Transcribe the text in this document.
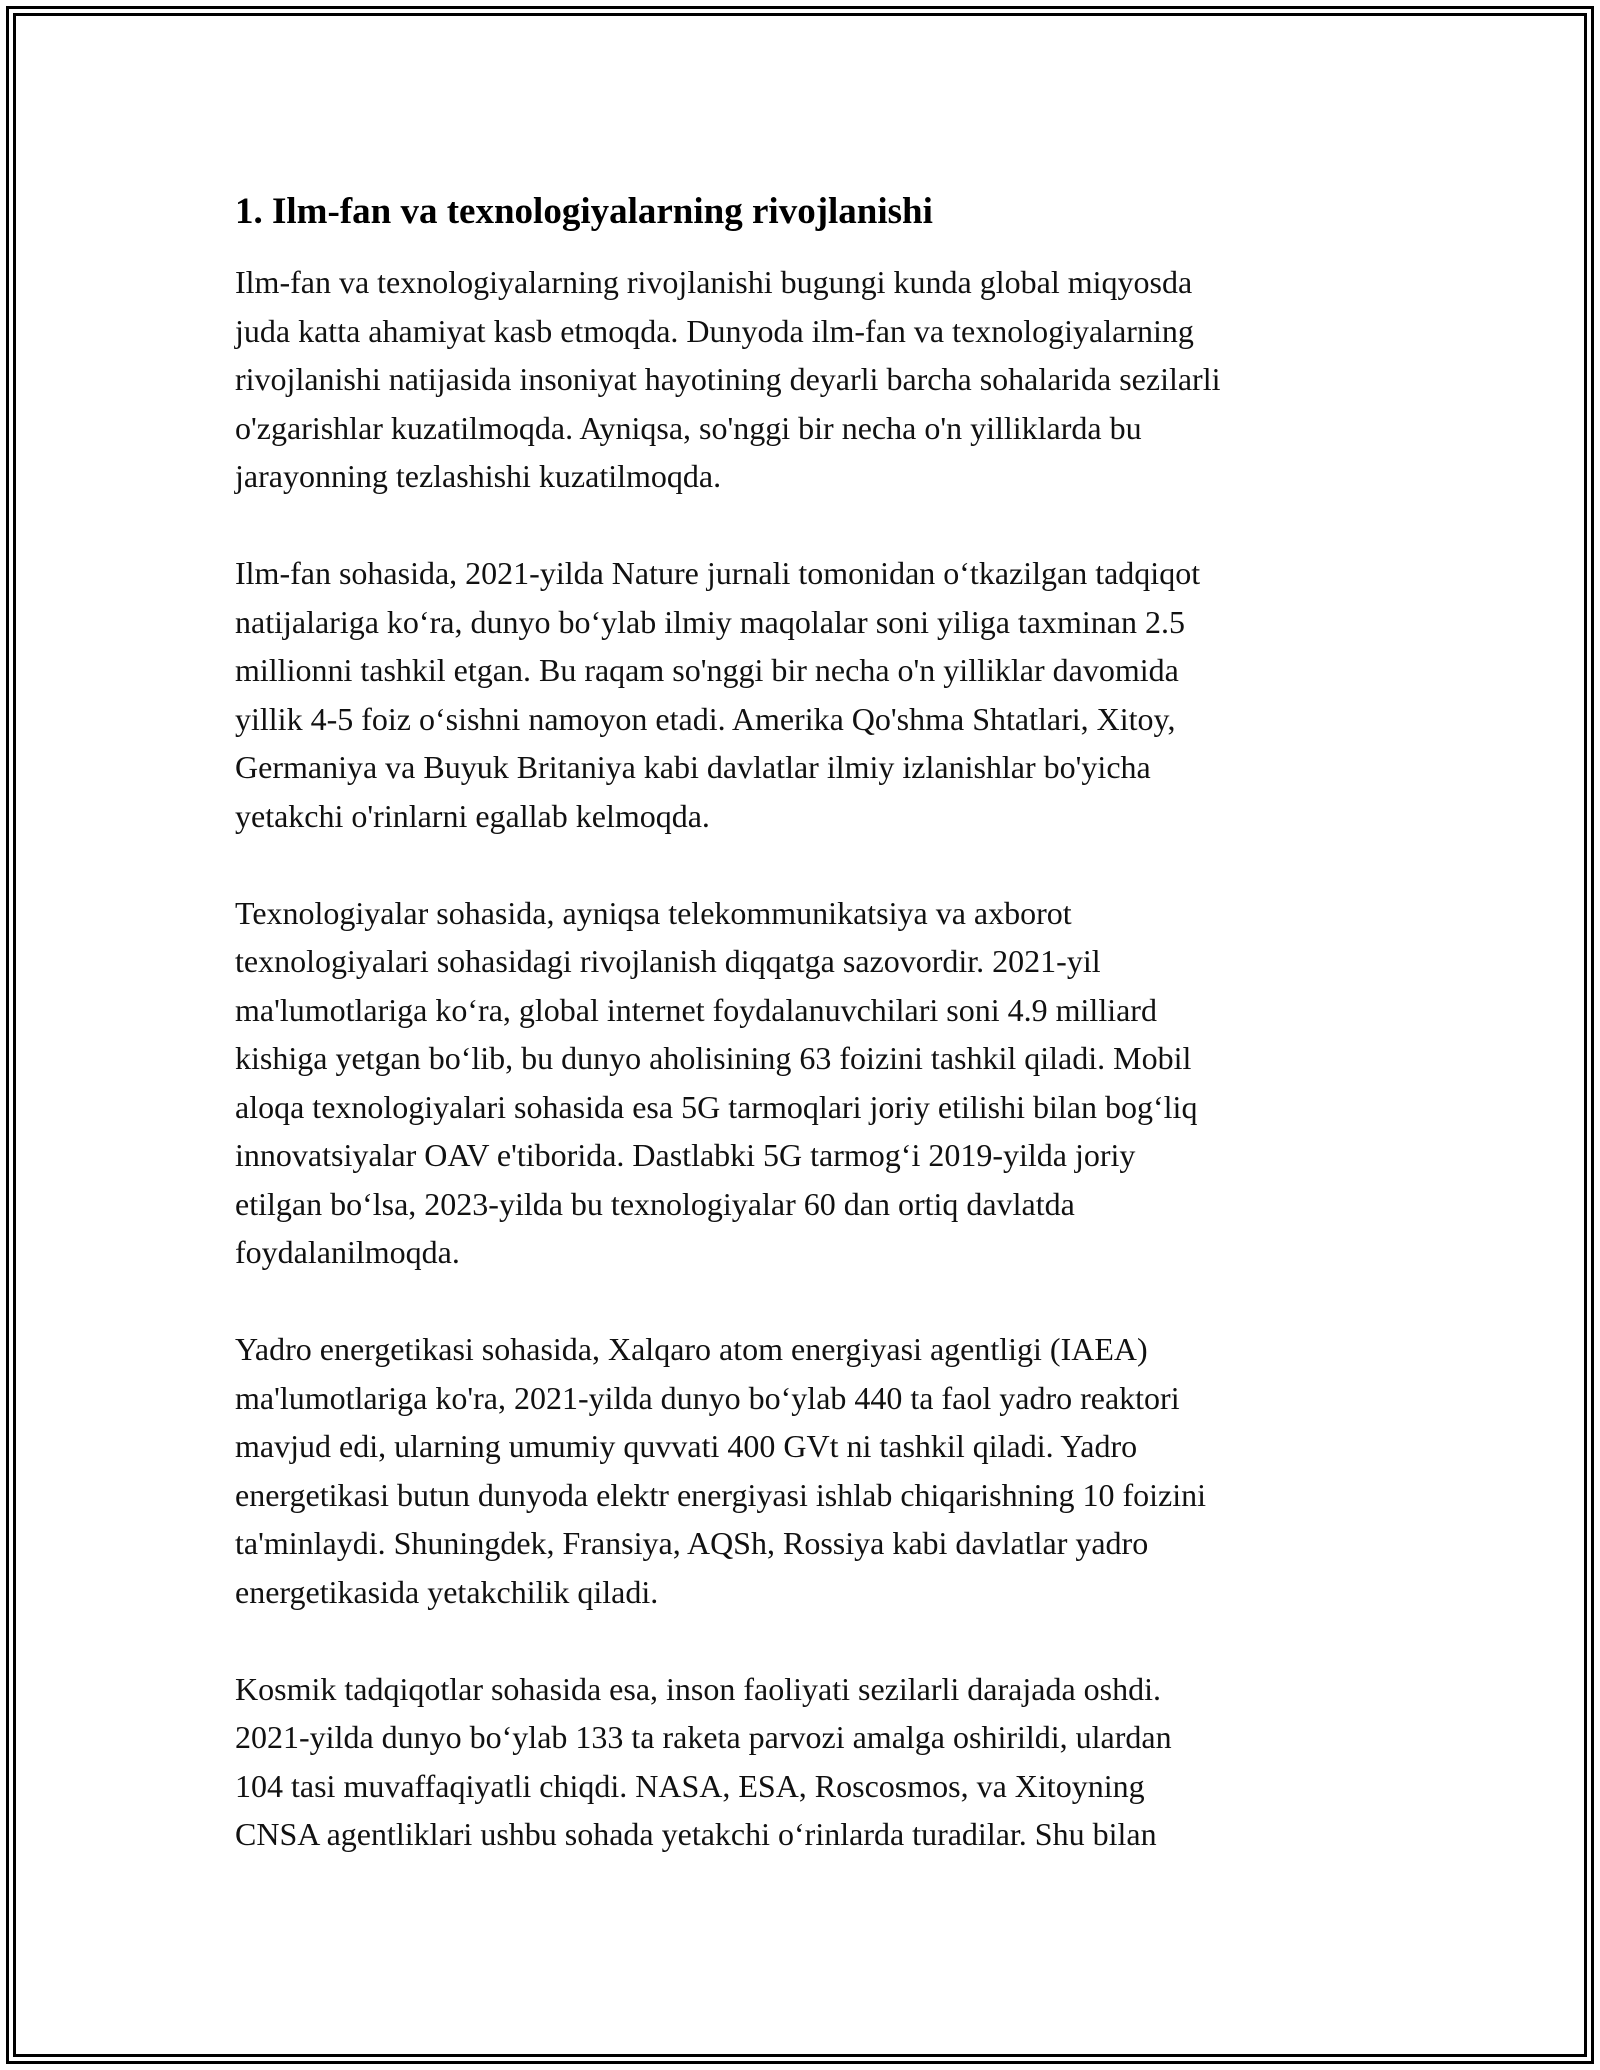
1. Ilm-fan va texnologiyalarning rivojlanishi
Ilm-fan va texnologiyalarning rivojlanishi bugungi kunda global miqyosda
juda katta ahamiyat kasb etmoqda. Dunyoda ilm-fan va texnologiyalarning
rivojlanishi natijasida insoniyat hayotining deyarli barcha sohalarida sezilarli
o'zgarishlar kuzatilmoqda. Ayniqsa, so'nggi bir necha o'n yilliklarda bu
jarayonning tezlashishi kuzatilmoqda.
Ilm-fan sohasida, 2021-yilda Nature jurnali tomonidan o‘tkazilgan tadqiqot
natijalariga ko‘ra, dunyo bo‘ylab ilmiy maqolalar soni yiliga taxminan 2.5
millionni tashkil etgan. Bu raqam so'nggi bir necha o'n yilliklar davomida
yillik 4-5 foiz o‘sishni namoyon etadi. Amerika Qo'shma Shtatlari, Xitoy,
Germaniya va Buyuk Britaniya kabi davlatlar ilmiy izlanishlar bo'yicha
yetakchi o'rinlarni egallab kelmoqda.
Texnologiyalar sohasida, ayniqsa telekommunikatsiya va axborot
texnologiyalari sohasidagi rivojlanish diqqatga sazovordir. 2021-yil
ma'lumotlariga ko‘ra, global internet foydalanuvchilari soni 4.9 milliard
kishiga yetgan bo‘lib, bu dunyo aholisining 63 foizini tashkil qiladi. Mobil
aloqa texnologiyalari sohasida esa 5G tarmoqlari joriy etilishi bilan bog‘liq
innovatsiyalar OAV e'tiborida. Dastlabki 5G tarmog‘i 2019-yilda joriy
etilgan bo‘lsa, 2023-yilda bu texnologiyalar 60 dan ortiq davlatda
foydalanilmoqda.
Yadro energetikasi sohasida, Xalqaro atom energiyasi agentligi (IAEA)
ma'lumotlariga ko'ra, 2021-yilda dunyo bo‘ylab 440 ta faol yadro reaktori
mavjud edi, ularning umumiy quvvati 400 GVt ni tashkil qiladi. Yadro
energetikasi butun dunyoda elektr energiyasi ishlab chiqarishning 10 foizini
ta'minlaydi. Shuningdek, Fransiya, AQSh, Rossiya kabi davlatlar yadro
energetikasida yetakchilik qiladi.
Kosmik tadqiqotlar sohasida esa, inson faoliyati sezilarli darajada oshdi.
2021-yilda dunyo bo‘ylab 133 ta raketa parvozi amalga oshirildi, ulardan
104 tasi muvaffaqiyatli chiqdi. NASA, ESA, Roscosmos, va Xitoyning
CNSA agentliklari ushbu sohada yetakchi o‘rinlarda turadilar. Shu bilan
